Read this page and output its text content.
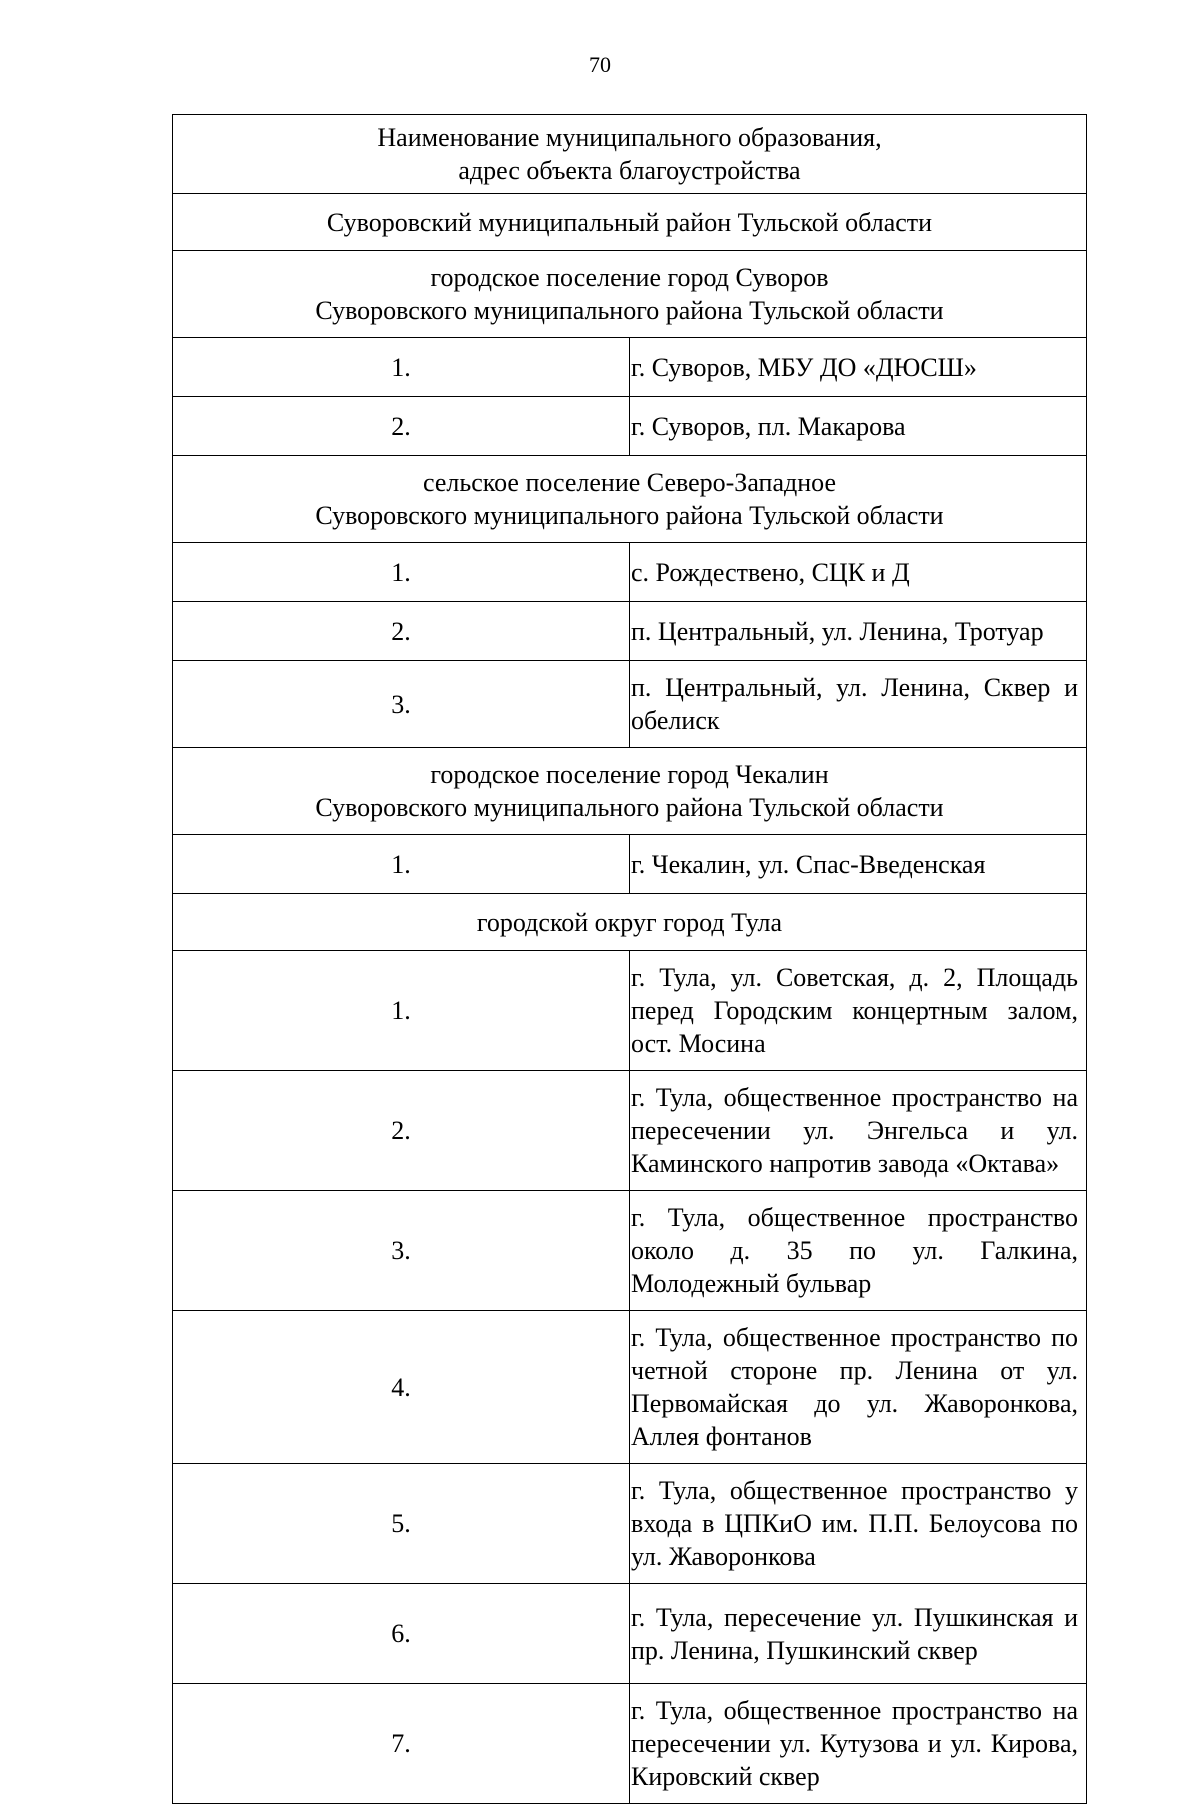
70
Наименование муниципального образования,
адрес объекта благоустройства	

Суворовский муниципальный район Тульской области	

городское поселение город Суворов
Суворовского муниципального района Тульской области	

1.	г. Суворов, МБУ ДО «ДЮСШ»
2.	г. Суворов, пл. Макарова

сельское поселение Северо-Западное
Суворовского муниципального района Тульской области	

1.	с. Рождествено, СЦК и Д
2.	п. Центральный, ул. Ленина, Тротуар
3.	п. Центральный, ул. Ленина, Сквер и обелиск

городское поселение город Чекалин
Суворовского муниципального района Тульской области	

1.	г. Чекалин, ул. Спас-Введенская

городской округ город Тула	

1.	г. Тула, ул. Советская, д. 2, Площадь перед Городским концертным залом, ост. Мосина
2.	г. Тула, общественное пространство на пересечении ул. Энгельса и ул. Каминского напротив завода «Октава»
3.	г. Тула, общественное пространство около д. 35 по ул. Галкина, Молодежный бульвар
4.	г. Тула, общественное пространство по четной стороне пр. Ленина от ул. Первомайская до ул. Жаворонкова, Аллея фонтанов
5.	г. Тула, общественное пространство у входа в ЦПКиО им. П.П. Белоусова по ул. Жаворонкова
6.	г. Тула, пересечение ул. Пушкинская и пр. Ленина, Пушкинский сквер
7.	г. Тула, общественное пространство на пересечении ул. Кутузова и ул. Кирова, Кировский сквер
